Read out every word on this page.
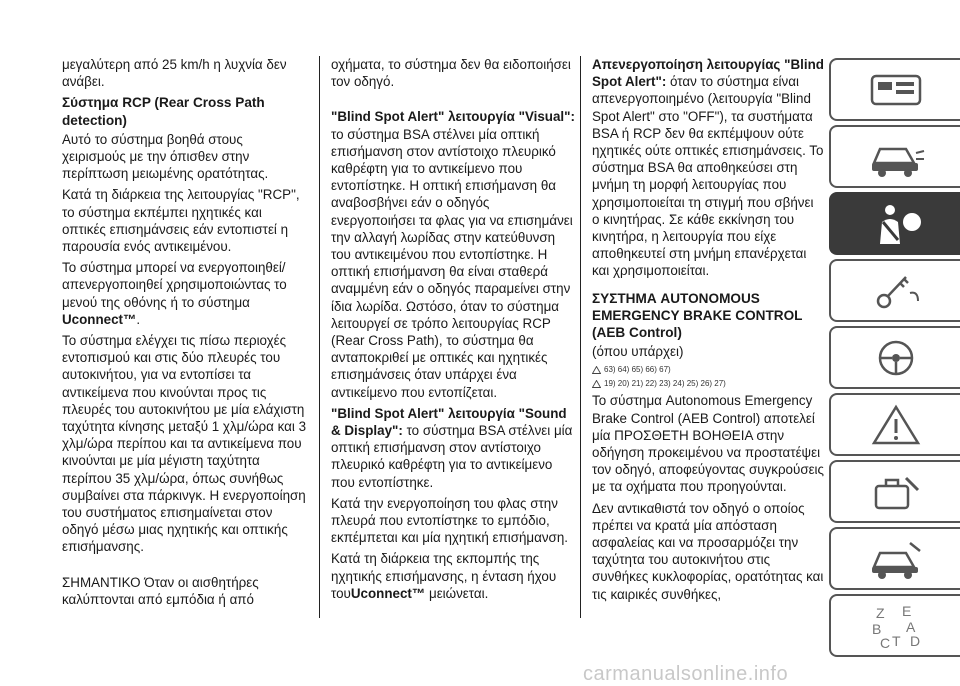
μεγαλύτερη από 25 km/h η λυχνία δεν ανάβει.

Σύστημα RCP (Rear Cross Path detection)

Αυτό το σύστημα βοηθά στους χειρισμούς με την όπισθεν στην περίπτωση μειωμένης ορατότητας.

Κατά τη διάρκεια της λειτουργίας "RCP", το σύστημα εκπέμπει ηχητικές και οπτικές επισημάνσεις εάν εντοπιστεί η παρουσία ενός αντικειμένου.

Το σύστημα μπορεί να ενεργοποιηθεί/απενεργοποιηθεί χρησιμοποιώντας το μενού της οθόνης ή το σύστημα Uconnect™.

Το σύστημα ελέγχει τις πίσω περιοχές εντοπισμού και στις δύο πλευρές του αυτοκινήτου, για να εντοπίσει τα αντικείμενα που κινούνται προς τις πλευρές του αυτοκινήτου με μία ελάχιστη ταχύτητα κίνησης μεταξύ 1 χλμ/ώρα και 3 χλμ/ώρα περίπου και τα αντικείμενα που κινούνται με μία μέγιστη ταχύτητα περίπου 35 χλμ/ώρα, όπως συνήθως συμβαίνει στα πάρκινγκ. Η ενεργοποίηση του συστήματος επισημαίνεται στον οδηγό μέσω μιας ηχητικής και οπτικής επισήμανσης.

ΣΗΜΑΝΤΙΚΟ Όταν οι αισθητήρες καλύπτονται από εμπόδια ή από

οχήματα, το σύστημα δεν θα ειδοποιήσει τον οδηγό.

"Blind Spot Alert" λειτουργία "Visual": το σύστημα BSA στέλνει μία οπτική επισήμανση στον αντίστοιχο πλευρικό καθρέφτη για το αντικείμενο που εντοπίστηκε. Η οπτική επισήμανση θα αναβοσβήνει εάν ο οδηγός ενεργοποιήσει τα φλας για να επισημάνει την αλλαγή λωρίδας στην κατεύθυνση του αντικειμένου που εντοπίστηκε. Η οπτική επισήμανση θα είναι σταθερά αναμμένη εάν ο οδηγός παραμείνει στην ίδια λωρίδα. Ωστόσο, όταν το σύστημα λειτουργεί σε τρόπο λειτουργίας RCP (Rear Cross Path), το σύστημα θα ανταποκριθεί με οπτικές και ηχητικές επισημάνσεις όταν υπάρχει ένα αντικείμενο που εντοπίζεται.

"Blind Spot Alert" λειτουργία "Sound & Display": το σύστημα BSA στέλνει μία οπτική επισήμανση στον αντίστοιχο πλευρικό καθρέφτη για το αντικείμενο που εντοπίστηκε.

Κατά την ενεργοποίηση του φλας στην πλευρά που εντοπίστηκε το εμπόδιο, εκπέμπεται και μία ηχητική επισήμανση.

Κατά τη διάρκεια της εκπομπής της ηχητικής επισήμανσης, η ένταση ήχου τουUconnect™ μειώνεται.

Απενεργοποίηση λειτουργίας "Blind Spot Alert": όταν το σύστημα είναι απενεργοποιημένο (λειτουργία "Blind Spot Alert" στο "OFF"), τα συστήματα BSA ή RCP δεν θα εκπέμψουν ούτε ηχητικές ούτε οπτικές επισημάνσεις. Το σύστημα BSA θα αποθηκεύσει στη μνήμη τη μορφή λειτουργίας που χρησιμοποιείται τη στιγμή που σβήνει ο κινητήρας. Σε κάθε εκκίνηση του κινητήρα, η λειτουργία που είχε αποθηκευτεί στη μνήμη επανέρχεται και χρησιμοποιείται.

ΣΥΣΤΗΜΑ AUTONOMOUS EMERGENCY BRAKE CONTROL (AEB Control)

(όπου υπάρχει)

63) 64) 65) 66) 67)
19) 20) 21) 22) 23) 24) 25) 26) 27)

Το σύστημα Autonomous Emergency Brake Control (AEB Control) αποτελεί μία ΠΡΟΣΘΕΤΗ ΒΟΗΘΕΙΑ στην οδήγηση προκειμένου να προστατέψει τον οδηγό, αποφεύγοντας συγκρούσεις με τα οχήματα που προηγούνται.

Δεν αντικαθιστά τον οδηγό ο οποίος πρέπει να κρατά μία απόσταση ασφαλείας και να προσαρμόζει την ταχύτητα του αυτοκινήτου στις συνθήκες κυκλοφορίας, ορατότητας και τις καιρικές συνθήκες,

carmanualsonline.info
Z E
B A
C T D
